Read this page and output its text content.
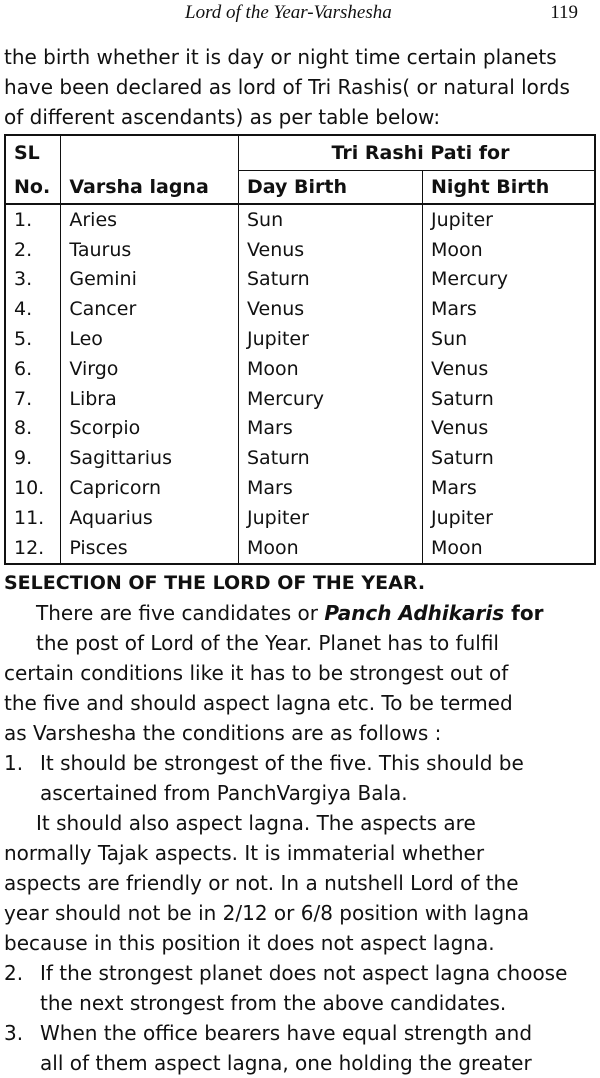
Lord of the Year-Varshesha	119

the birth whether it is day or night time certain planets
have been declared as lord of Tri Rashis( or natural lords
of different ascendants) as per table below:

SL		Tri Rashi Pati for	
No.	Varsha lagna	Day Birth	Night Birth
1.	Aries	Sun	Jupiter
2.	Taurus	Venus	Moon
3.	Gemini	Saturn	Mercury
4.	Cancer	Venus	Mars
5.	Leo	Jupiter	Sun
6.	Virgo	Moon	Venus
7.	Libra	Mercury	Saturn
8.	Scorpio	Mars	Venus
9.	Sagittarius	Saturn	Saturn
10.	Capricorn	Mars	Mars
11.	Aquarius	Jupiter	Jupiter
12.	Pisces	Moon	Moon

SELECTION OF THE LORD OF THE YEAR.

There are five candidates or Panch Adhikaris for
the post of Lord of the Year. Planet has to fulfil
certain conditions like it has to be strongest out of
the five and should aspect lagna etc. To be termed
as Varshesha the conditions are as follows :

1. It should be strongest of the five. This should be
ascertained from PanchVargiya Bala.

It should also aspect lagna. The aspects are
normally Tajak aspects. It is immaterial whether
aspects are friendly or not. In a nutshell Lord of the
year should not be in 2/12 or 6/8 position with lagna
because in this position it does not aspect lagna.

2. If the strongest planet does not aspect lagna choose
the next strongest from the above candidates.
3. When the office bearers have equal strength and
all of them aspect lagna, one holding the greater
